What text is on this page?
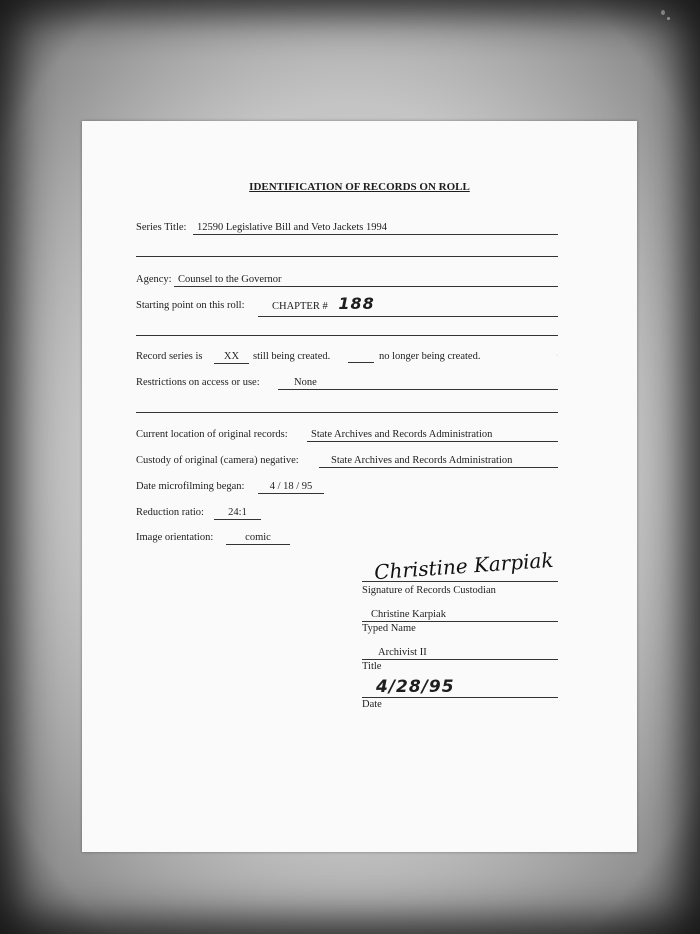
IDENTIFICATION OF RECORDS ON ROLL
Series Title:	12590 Legislative Bill and Veto Jackets 1994
Agency: Counsel to the Governor
Starting point on this roll:	CHAPTER # 188
Record series is	XX	still being created.	no longer being created.
Restrictions on access or use:	None
Current location of original records:	State Archives and Records Administration
Custody of original (camera) negative:	State Archives and Records Administration
Date microfilming began:	4 / 18 / 95
Reduction ratio:	24:1
Image orientation:	comic
Christine Karpiak
Signature of Records Custodian
Christine Karpiak
Typed Name
Archivist II
Title
4/28/95
Date
